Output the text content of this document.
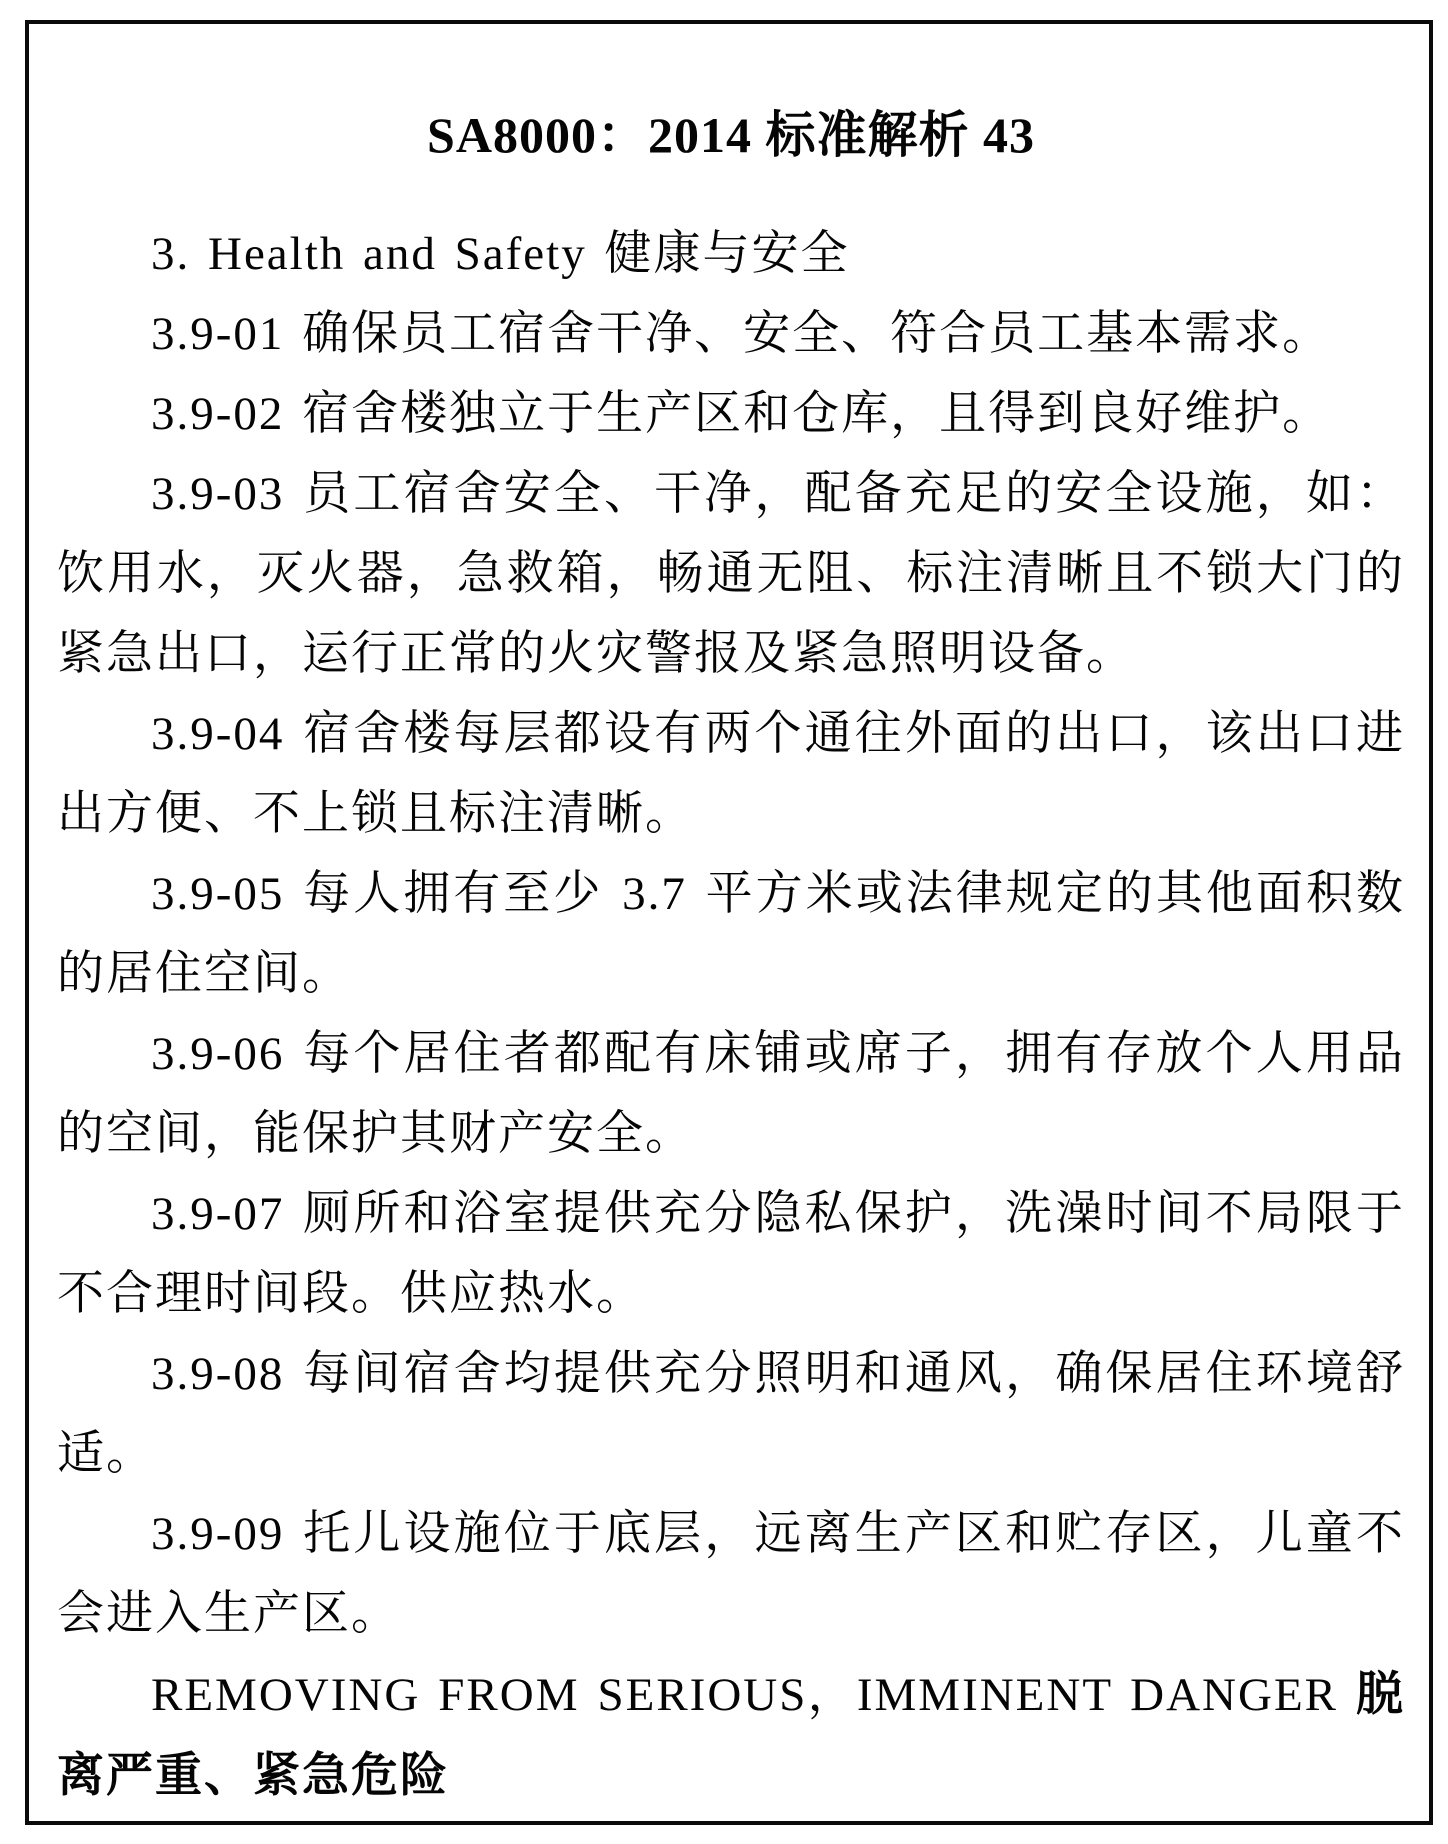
SA8000：2014 标准解析 43

3. Health and Safety 健康与安全

3.9-01 确保员工宿舍干净、安全、符合员工基本需求。

3.9-02 宿舍楼独立于生产区和仓库，且得到良好维护。

3.9-03 员工宿舍安全、干净，配备充足的安全设施，如：饮用水，灭火器，急救箱，畅通无阻、标注清晰且不锁大门的紧急出口，运行正常的火灾警报及紧急照明设备。

3.9-04 宿舍楼每层都设有两个通往外面的出口，该出口进出方便、不上锁且标注清晰。

3.9-05 每人拥有至少 3.7 平方米或法律规定的其他面积数的居住空间。

3.9-06 每个居住者都配有床铺或席子，拥有存放个人用品的空间，能保护其财产安全。

3.9-07 厕所和浴室提供充分隐私保护，洗澡时间不局限于不合理时间段。供应热水。

3.9-08 每间宿舍均提供充分照明和通风，确保居住环境舒适。

3.9-09 托儿设施位于底层，远离生产区和贮存区，儿童不会进入生产区。

REMOVING FROM SERIOUS，IMMINENT DANGER 脱离严重、紧急危险
